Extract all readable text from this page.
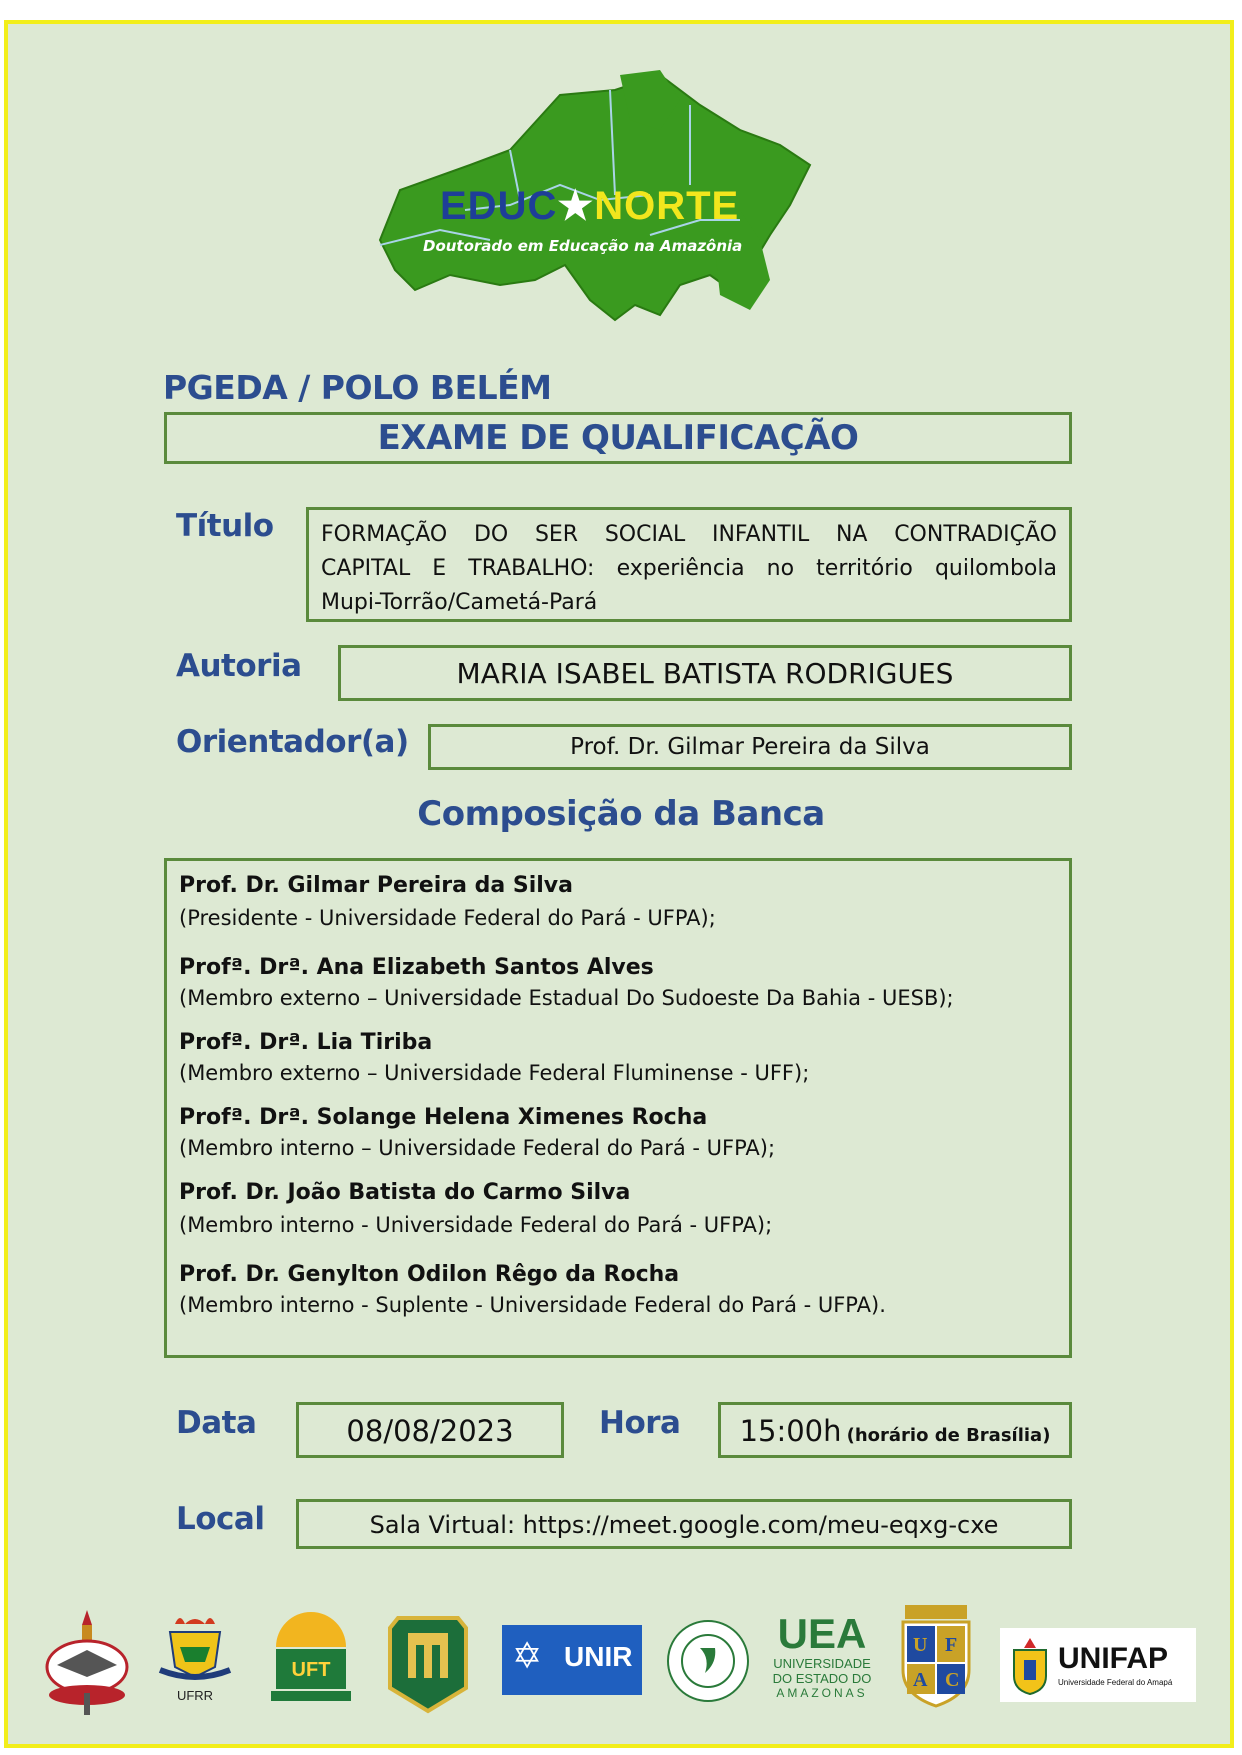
EDUC★NORTE
Doutorado em Educação na Amazônia
PGEDA / POLO BELÉM
EXAME DE QUALIFICAÇÃO
Título FORMAÇÃO DO SER SOCIAL INFANTIL NA CONTRADIÇÃO
CAPITAL E TRABALHO: experiência no território quilombola
Mupi-Torrão/Cametá-Pará
Autoria	MARIA ISABEL BATISTA RODRIGUES
Orientador(a)	Prof. Dr. Gilmar Pereira da Silva
Composição da Banca
Prof. Dr. Gilmar Pereira da Silva
(Presidente - Universidade Federal do Pará - UFPA);
Profª. Drª. Ana Elizabeth Santos Alves
(Membro externo – Universidade Estadual Do Sudoeste Da Bahia - UESB);
Profª. Drª. Lia Tiriba
(Membro externo – Universidade Federal Fluminense - UFF);
Profª. Drª. Solange Helena Ximenes Rocha
(Membro interno – Universidade Federal do Pará - UFPA);
Prof. Dr. João Batista do Carmo Silva
(Membro interno - Universidade Federal do Pará - UFPA);
Prof. Dr. Genylton Odilon Rêgo da Rocha
(Membro interno - Suplente - Universidade Federal do Pará - UFPA).
Data	08/08/2023	Hora	15:00h (horário de Brasília)
Local	Sala Virtual: https://meet.google.com/meu-eqxg-cxe
UFRR
UFT	✡ UNIR	UEA
UNIVERSIDADE
DO ESTADO DO
AMAZONAS
U F
A C
UNIFAP
Universidade Federal do Amapá
